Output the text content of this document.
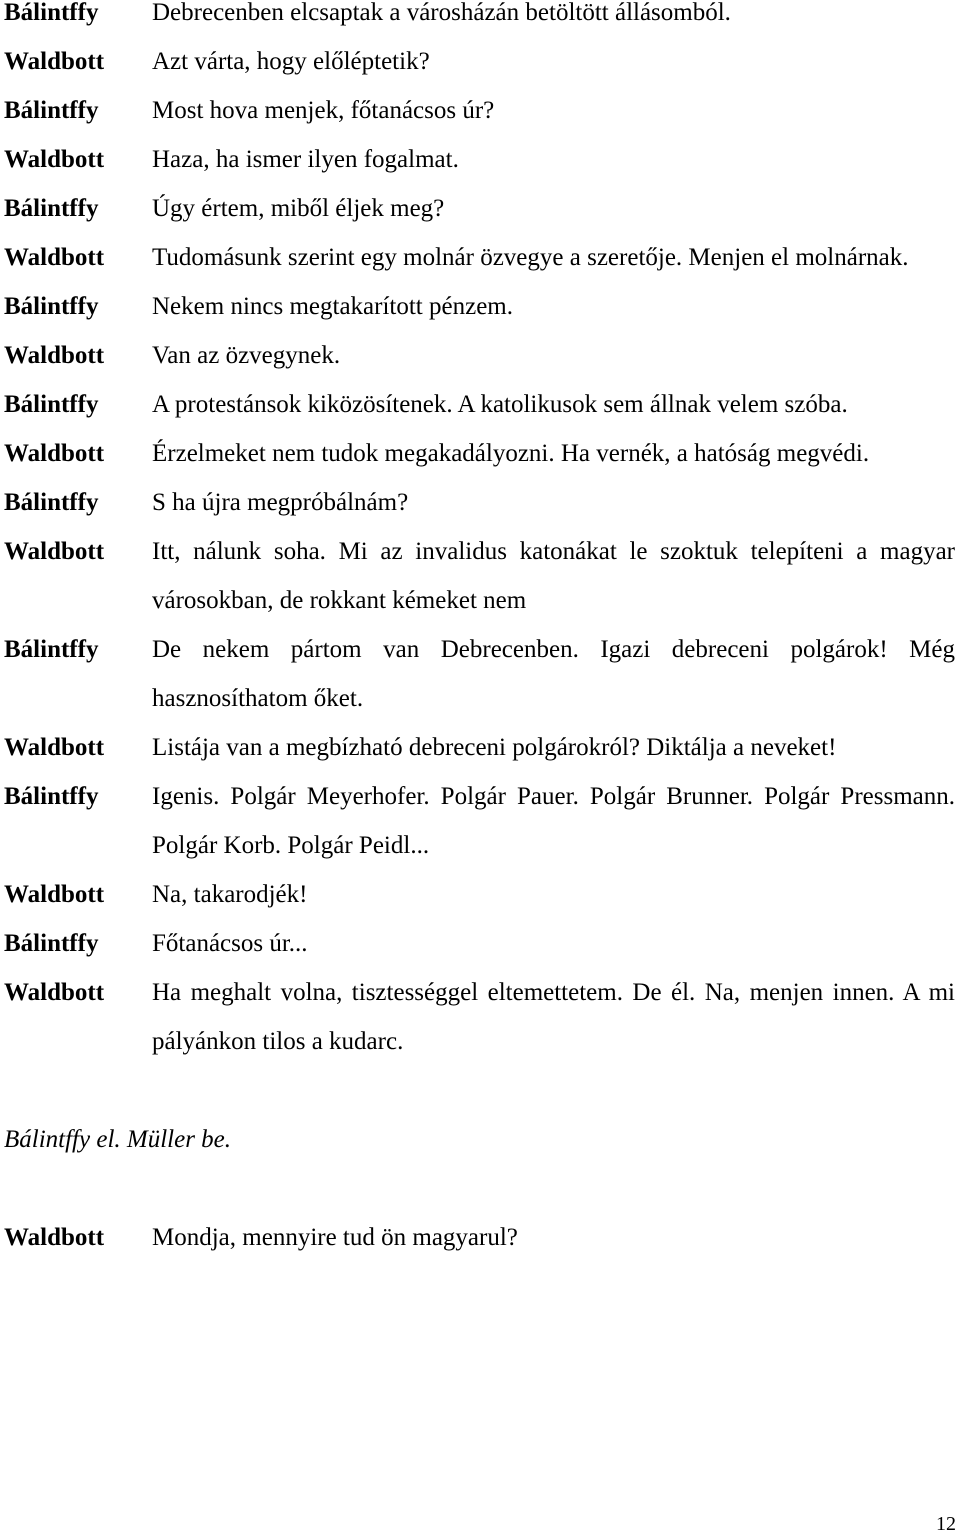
Bálintffy	Debrecenben elcsaptak a városházán betöltött állásomból.
Waldbott	Azt várta, hogy előléptetik?
Bálintffy	Most hova menjek, főtanácsos úr?
Waldbott	Haza, ha ismer ilyen fogalmat.
Bálintffy	Úgy értem, miből éljek meg?
Waldbott	Tudomásunk szerint egy molnár özvegye a szeretője. Menjen el molnárnak.
Bálintffy	Nekem nincs megtakarított pénzem.
Waldbott	Van az özvegynek.
Bálintffy	A protestánsok kiközösítenek. A katolikusok sem állnak velem szóba.
Waldbott	Érzelmeket nem tudok megakadályozni. Ha vernék, a hatóság megvédi.
Bálintffy	S ha újra megpróbálnám?
Waldbott	Itt, nálunk soha. Mi az invalidus katonákat le szoktuk telepíteni a magyar városokban, de rokkant kémeket nem
Bálintffy	De nekem pártom van Debrecenben. Igazi debreceni polgárok! Még hasznosíthatom őket.
Waldbott	Listája van a megbízható debreceni polgárokról? Diktálja a neveket!
Bálintffy	Igenis. Polgár Meyerhofer. Polgár Pauer. Polgár Brunner. Polgár Pressmann. Polgár Korb. Polgár Peidl...
Waldbott	Na, takarodjék!
Bálintffy	Főtanácsos úr...
Waldbott	Ha meghalt volna, tisztességgel eltemettetem. De él. Na, menjen innen. A mi pályánkon tilos a kudarc.
Bálintffy el. Müller be.
Waldbott	Mondja, mennyire tud ön magyarul?
12
